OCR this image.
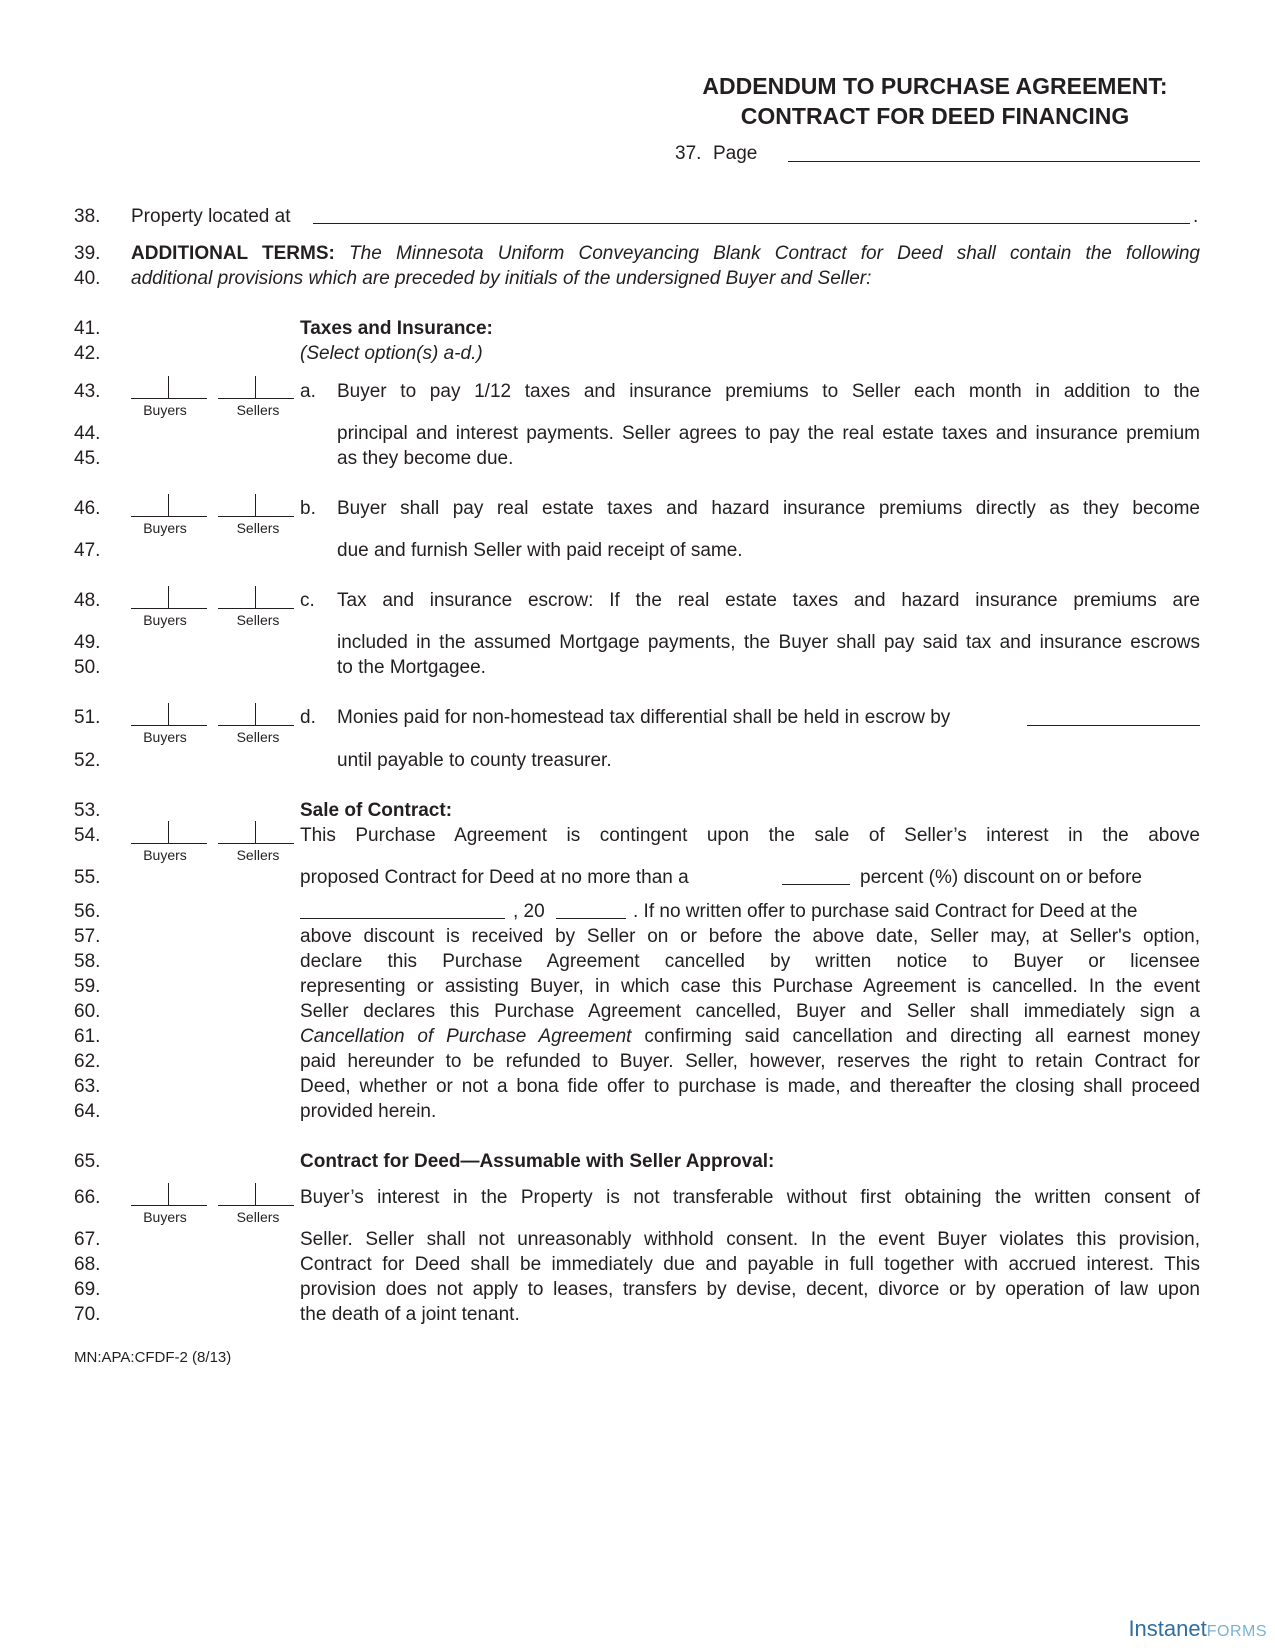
ADDENDUM TO PURCHASE AGREEMENT:
CONTRACT FOR DEED FINANCING
37. Page
38.
39.
40.
41.
42.
43.
44.
45.
46.
47.
48.
49.
50.
51.
52.
53.
54.
55.
56.
57.
58.
59.
60.
61.
62.
63.
64.
65.
66.
67.
68.
69.
70.
Property located at	.
ADDITIONAL TERMS: The Minnesota Uniform Conveyancing Blank Contract for Deed shall contain the following
additional provisions which are preceded by initials of the undersigned Buyer and Seller:
Taxes and Insurance:
(Select option(s) a-d.)
Buyers	Sellers
a. Buyer to pay 1/12 taxes and insurance premiums to Seller each month in addition to the
principal and interest payments. Seller agrees to pay the real estate taxes and insurance premium
as they become due.
Buyers	Sellers
b. Buyer shall pay real estate taxes and hazard insurance premiums directly as they become
due and furnish Seller with paid receipt of same.
Buyers	Sellers
c. Tax and insurance escrow: If the real estate taxes and hazard insurance premiums are
included in the assumed Mortgage payments, the Buyer shall pay said tax and insurance escrows
to the Mortgagee.
Buyers	Sellers
d. Monies paid for non-homestead tax differential shall be held in escrow by
until payable to county treasurer.
Sale of Contract:
Buyers	Sellers
This Purchase Agreement is contingent upon the sale of Seller’s interest in the above
proposed Contract for Deed at no more than a	percent (%) discount on or before
, 20	. If no written offer to purchase said Contract for Deed at the
above discount is received by Seller on or before the above date, Seller may, at Seller's option,
declare this Purchase Agreement cancelled by written notice to Buyer or licensee
representing or assisting Buyer, in which case this Purchase Agreement is cancelled. In the event
Seller declares this Purchase Agreement cancelled, Buyer and Seller shall immediately sign a
Cancellation of Purchase Agreement confirming said cancellation and directing all earnest money
paid hereunder to be refunded to Buyer. Seller, however, reserves the right to retain Contract for
Deed, whether or not a bona fide offer to purchase is made, and thereafter the closing shall proceed
provided herein.
Contract for Deed—Assumable with Seller Approval:
Buyers	Sellers
Buyer’s interest in the Property is not transferable without first obtaining the written consent of
Seller. Seller shall not unreasonably withhold consent. In the event Buyer violates this provision,
Contract for Deed shall be immediately due and payable in full together with accrued interest. This
provision does not apply to leases, transfers by devise, decent, divorce or by operation of law upon
the death of a joint tenant.
MN:APA:CFDF-2 (8/13)
InstanetFORMS
